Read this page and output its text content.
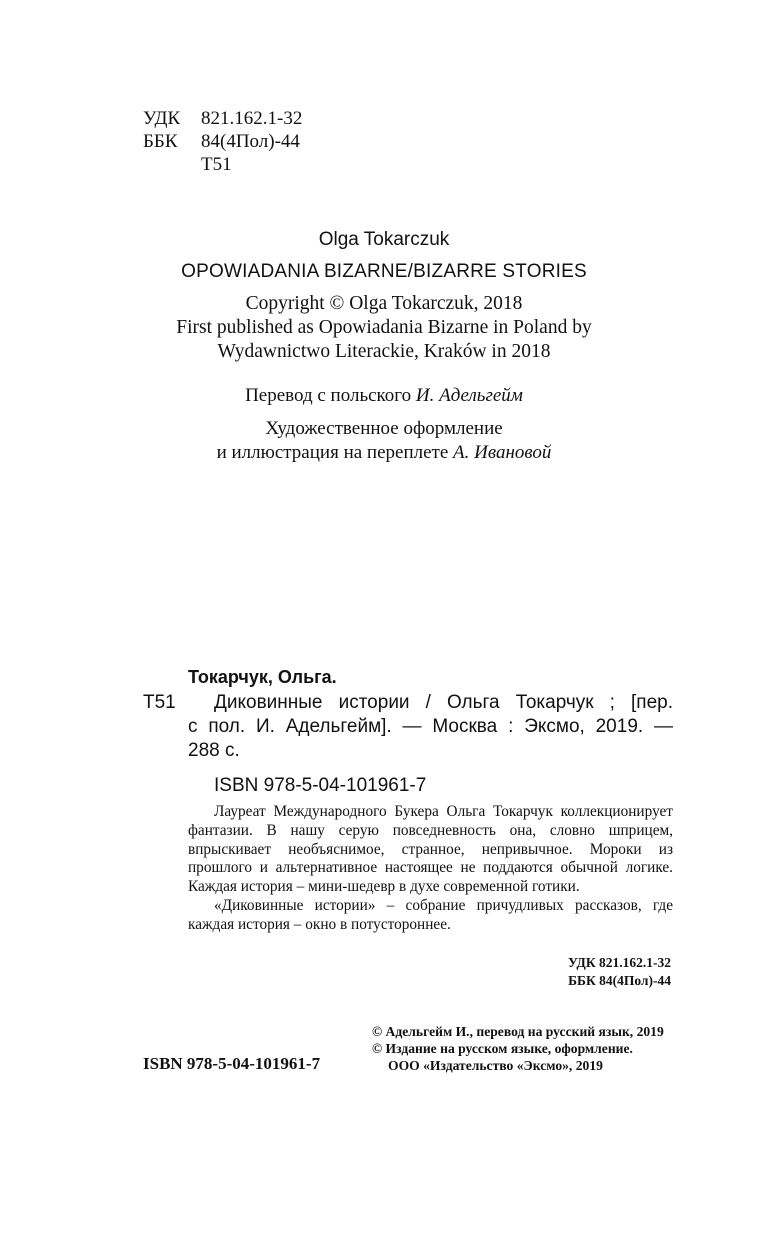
УДК 821.162.1-32
ББК 84(4Пол)-44
Т51
Olga Tokarczuk
OPOWIADANIA BIZARNE/BIZARRE STORIES
Copyright © Olga Tokarczuk, 2018
First published as Opowiadania Bizarne in Poland by
Wydawnictwo Literackie, Kraków in 2018
Перевод с польского И. Адельгейм
Художественное оформление
и иллюстрация на переплете А. Ивановой
Токарчук, Ольга.
Т51 Диковинные истории / Ольга Токарчук ; [пер.
с пол. И. Адельгейм]. — Москва : Эксмо, 2019. —
288 с.
ISBN 978-5-04-101961-7

Лауреат Международного Букера Ольга Токарчук коллекционирует фантазии. В нашу серую повседневность она, словно шприцем, впрыскивает необъяснимое, странное, непривычное. Мороки из прошлого и альтернативное настоящее не поддаются обычной логике. Каждая история – мини-шедевр в духе современной готики.

«Диковинные истории» – собрание причудливых рассказов, где каждая история – окно в потустороннее.

УДК 821.162.1-32
ББК 84(4Пол)-44
© Адельгейм И., перевод на русский язык, 2019
© Издание на русском языке, оформление.
ISBN 978-5-04-101961-7	ООО «Издательство «Эксмо», 2019
